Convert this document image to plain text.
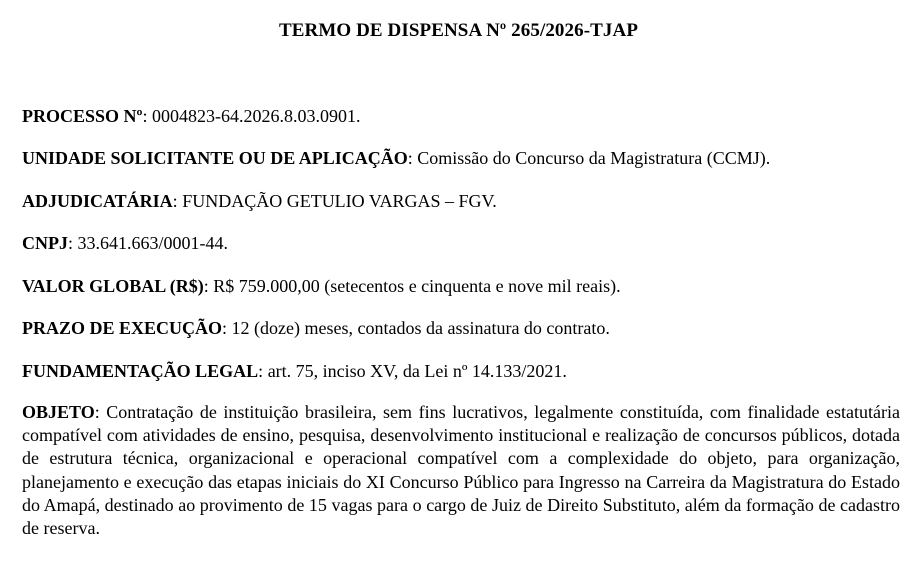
TERMO DE DISPENSA Nº 265/2026-TJAP
PROCESSO Nº: 0004823-64.2026.8.03.0901.
UNIDADE SOLICITANTE OU DE APLICAÇÃO: Comissão do Concurso da Magistratura (CCMJ).
ADJUDICATÁRIA: FUNDAÇÃO GETULIO VARGAS – FGV.
CNPJ: 33.641.663/0001-44.
VALOR GLOBAL (R$): R$ 759.000,00 (setecentos e cinquenta e nove mil reais).
PRAZO DE EXECUÇÃO: 12 (doze) meses, contados da assinatura do contrato.
FUNDAMENTAÇÃO LEGAL: art. 75, inciso XV, da Lei nº 14.133/2021.
OBJETO: Contratação de instituição brasileira, sem fins lucrativos, legalmente constituída, com finalidade estatutária compatível com atividades de ensino, pesquisa, desenvolvimento institucional e realização de concursos públicos, dotada de estrutura técnica, organizacional e operacional compatível com a complexidade do objeto, para organização, planejamento e execução das etapas iniciais do XI Concurso Público para Ingresso na Carreira da Magistratura do Estado do Amapá, destinado ao provimento de 15 vagas para o cargo de Juiz de Direito Substituto, além da formação de cadastro de reserva.
